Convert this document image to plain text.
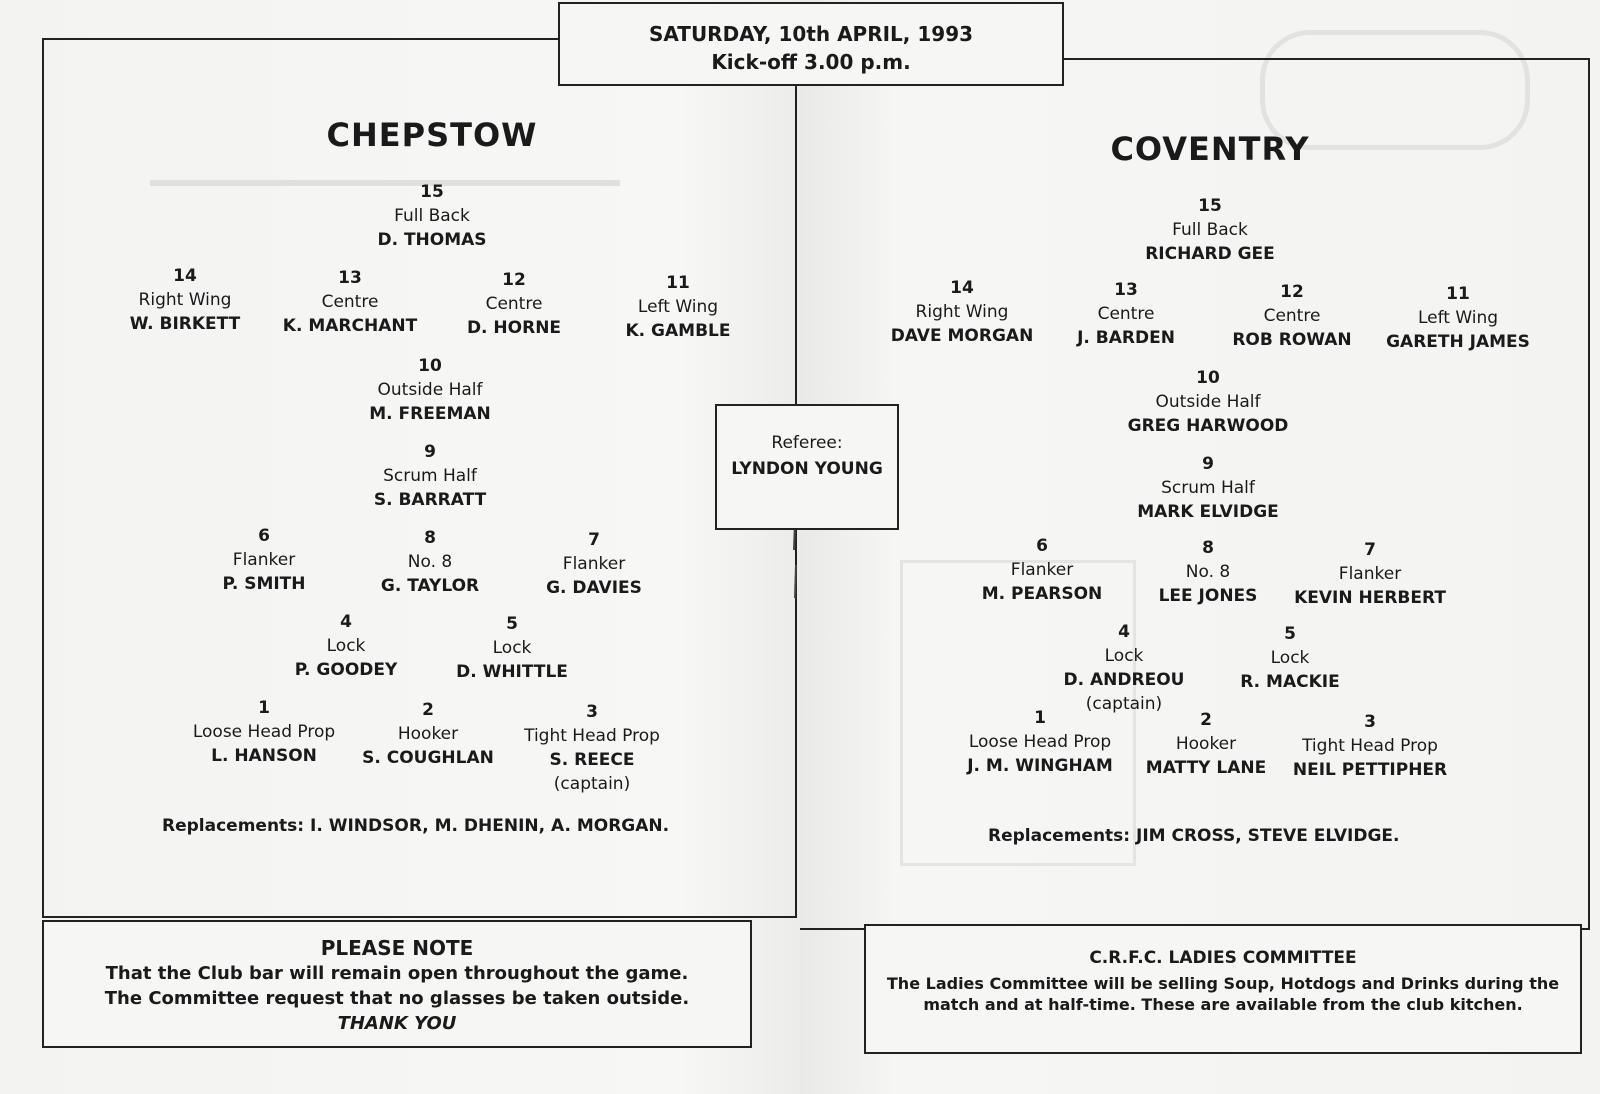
SATURDAY, 10th APRIL, 1993
Kick-off 3.00 p.m.
CHEPSTOW	COVENTRY
15
Full Back
D. THOMAS
14
Right Wing
W. BIRKETT
13
Centre
K. MARCHANT
12
Centre
D. HORNE
11
Left Wing
K. GAMBLE
10
Outside Half
M. FREEMAN
9
Scrum Half
S. BARRATT
6
Flanker
P. SMITH
8
No. 8
G. TAYLOR
7
Flanker
G. DAVIES
4
Lock
P. GOODEY
5
Lock
D. WHITTLE
1
Loose Head Prop
L. HANSON
2
Hooker
S. COUGHLAN
3
Tight Head Prop
S. REECE
(captain)
Replacements: I. WINDSOR, M. DHENIN, A. MORGAN.
Referee:
LYNDON YOUNG
15
Full Back
RICHARD GEE
14
Right Wing
DAVE MORGAN
13
Centre
J. BARDEN
12
Centre
ROB ROWAN
11
Left Wing
GARETH JAMES
10
Outside Half
GREG HARWOOD
9
Scrum Half
MARK ELVIDGE
6
Flanker
M. PEARSON
8
No. 8
LEE JONES
7
Flanker
KEVIN HERBERT
4
Lock
D. ANDREOU
(captain)
5
Lock
R. MACKIE
1
Loose Head Prop
J. M. WINGHAM
2
Hooker
MATTY LANE
3
Tight Head Prop
NEIL PETTIPHER
Replacements: JIM CROSS, STEVE ELVIDGE.
PLEASE NOTE
That the Club bar will remain open throughout the game.
The Committee request that no glasses be taken outside.
THANK YOU
C.R.F.C. LADIES COMMITTEE
The Ladies Committee will be selling Soup, Hotdogs and Drinks during the match and at half-time. These are available from the club kitchen.
